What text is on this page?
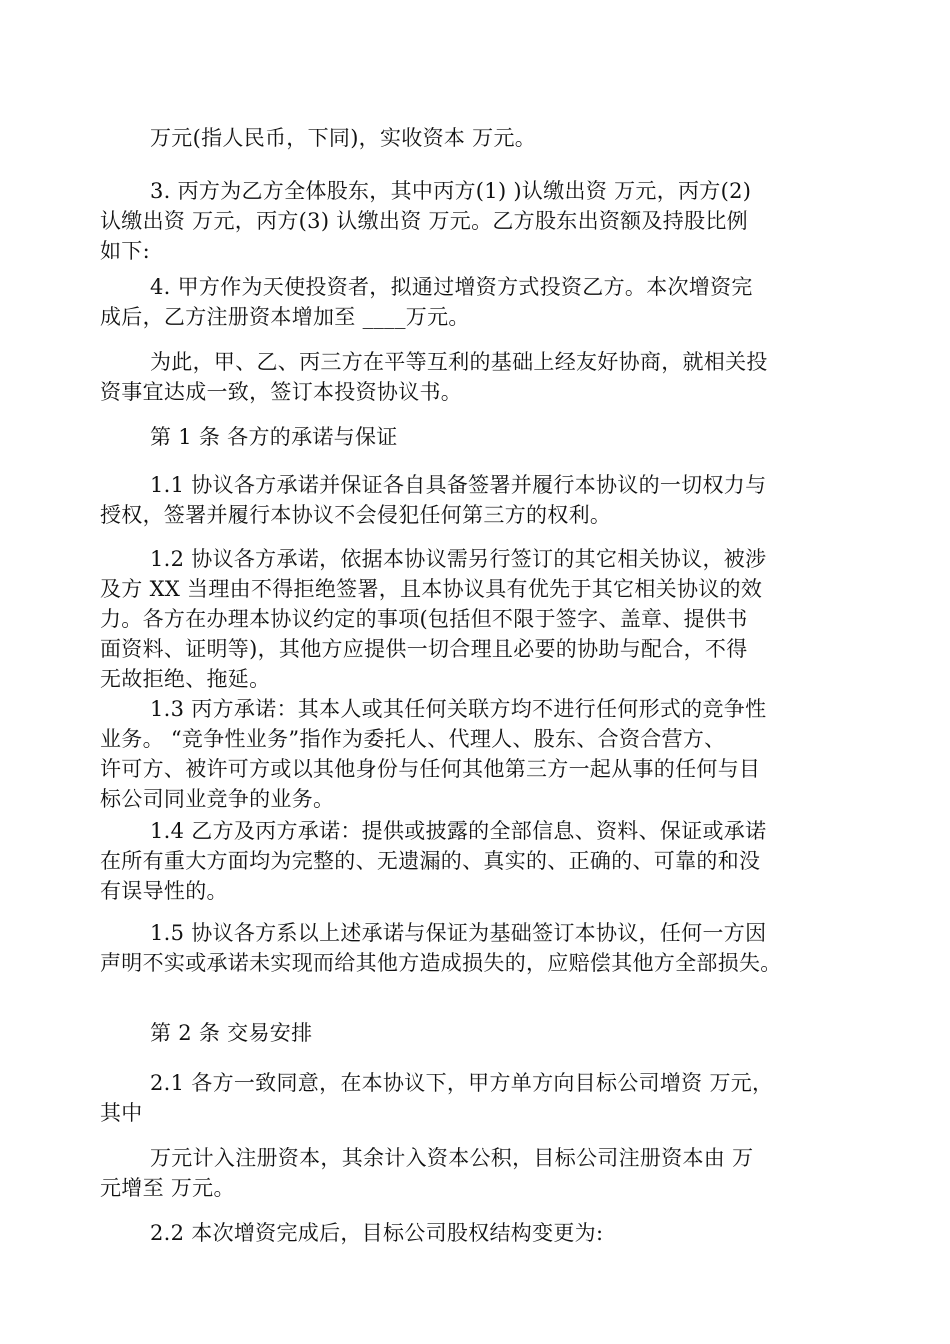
万元(指人民币，下同)，实收资本 万元。
3. 丙方为乙方全体股东，其中丙方(1) )认缴出资 万元，丙方(2)
认缴出资 万元，丙方(3) 认缴出资 万元。乙方股东出资额及持股比例
如下:
4. 甲方作为天使投资者，拟通过增资方式投资乙方。本次增资完
成后，乙方注册资本增加至 ____万元。
为此，甲、乙、丙三方在平等互利的基础上经友好协商，就相关投
资事宜达成一致，签订本投资协议书。
第 1 条 各方的承诺与保证
1.1 协议各方承诺并保证各自具备签署并履行本协议的一切权力与
授权，签署并履行本协议不会侵犯任何第三方的权利。
1.2 协议各方承诺，依据本协议需另行签订的其它相关协议，被涉
及方 XX 当理由不得拒绝签署，且本协议具有优先于其它相关协议的效
力。各方在办理本协议约定的事项(包括但不限于签字、盖章、提供书
面资料、证明等)，其他方应提供一切合理且必要的协助与配合，不得
无故拒绝、拖延。
1.3 丙方承诺：其本人或其任何关联方均不进行任何形式的竞争性
业务。 “竞争性业务”指作为委托人、代理人、股东、合资合营方、
许可方、被许可方或以其他身份与任何其他第三方一起从事的任何与目
标公司同业竞争的业务。
1.4 乙方及丙方承诺：提供或披露的全部信息、资料、保证或承诺
在所有重大方面均为完整的、无遗漏的、真实的、正确的、可靠的和没
有误导性的。
1.5 协议各方系以上述承诺与保证为基础签订本协议，任何一方因
声明不实或承诺未实现而给其他方造成损失的，应赔偿其他方全部损失。
第 2 条 交易安排
2.1 各方一致同意，在本协议下，甲方单方向目标公司增资 万元，
其中
万元计入注册资本，其余计入资本公积，目标公司注册资本由 万
元增至 万元。
2.2 本次增资完成后，目标公司股权结构变更为:
